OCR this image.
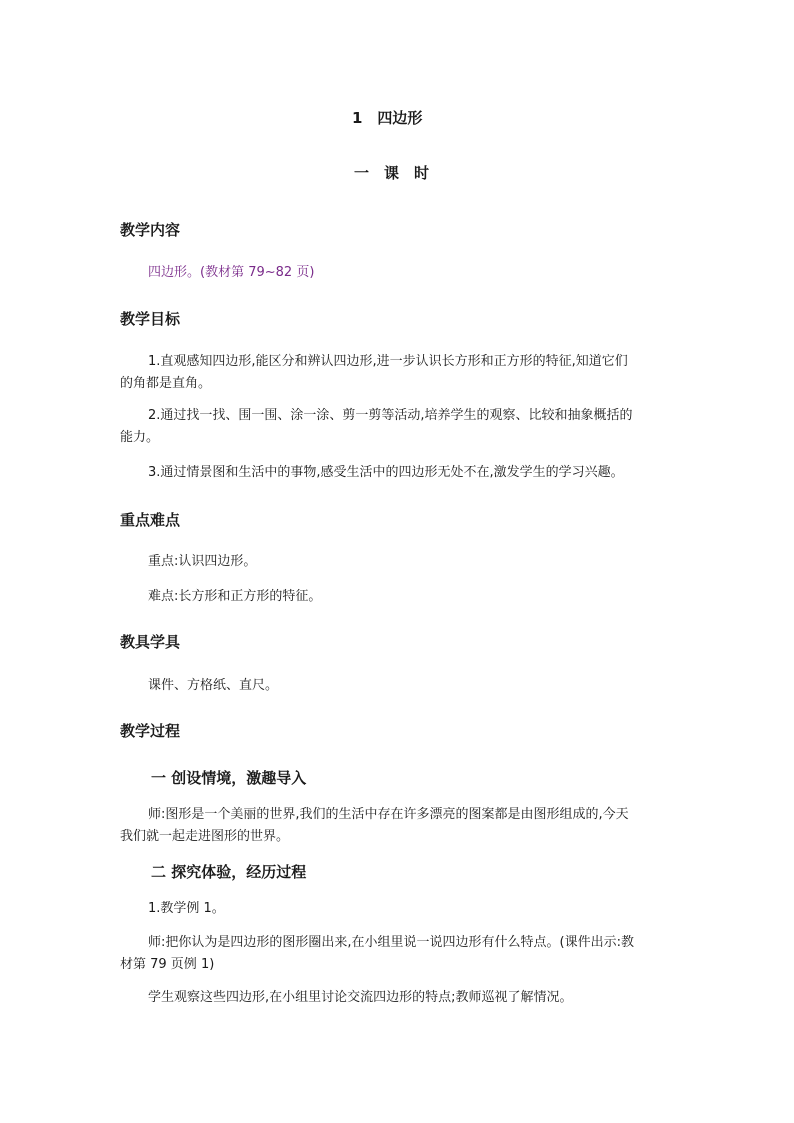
1　四边形
一　课　时
教学内容
四边形。(教材第 79~82 页)
教学目标
1.直观感知四边形,能区分和辨认四边形,进一步认识长方形和正方形的特征,知道它们
的角都是直角。
2.通过找一找、围一围、涂一涂、剪一剪等活动,培养学生的观察、比较和抽象概括的
能力。
3.通过情景图和生活中的事物,感受生活中的四边形无处不在,激发学生的学习兴趣。
重点难点
重点:认识四边形。
难点:长方形和正方形的特征。
教具学具
课件、方格纸、直尺。
教学过程
一 创设情境，激趣导入
师:图形是一个美丽的世界,我们的生活中存在许多漂亮的图案都是由图形组成的,今天
我们就一起走进图形的世界。
二 探究体验，经历过程
1.教学例 1。
师:把你认为是四边形的图形圈出来,在小组里说一说四边形有什么特点。(课件出示:教
材第 79 页例 1)
学生观察这些四边形,在小组里讨论交流四边形的特点;教师巡视了解情况。
